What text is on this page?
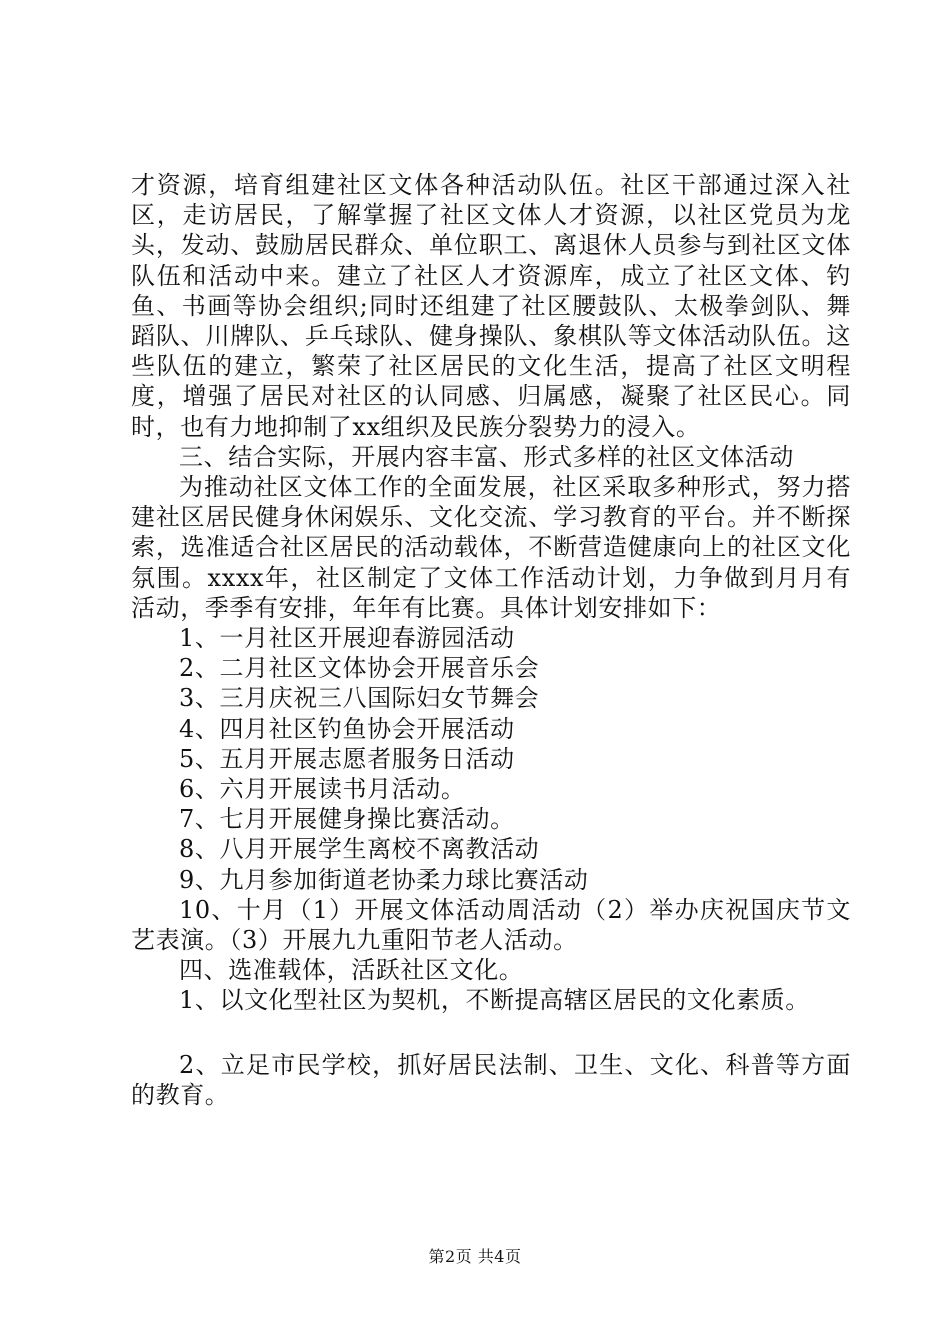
才资源，培育组建社区文体各种活动队伍。社区干部通过深入社区，走访居民，了解掌握了社区文体人才资源，以社区党员为龙头，发动、鼓励居民群众、单位职工、离退休人员参与到社区文体队伍和活动中来。建立了社区人才资源库，成立了社区文体、钓鱼、书画等协会组织;同时还组建了社区腰鼓队、太极拳剑队、舞蹈队、川牌队、乒乓球队、健身操队、象棋队等文体活动队伍。这些队伍的建立，繁荣了社区居民的文化生活，提高了社区文明程度，增强了居民对社区的认同感、归属感，凝聚了社区民心。同时，也有力地抑制了xx组织及民族分裂势力的浸入。

三、结合实际，开展内容丰富、形式多样的社区文体活动

为推动社区文体工作的全面发展，社区采取多种形式，努力搭建社区居民健身休闲娱乐、文化交流、学习教育的平台。并不断探索，选准适合社区居民的活动载体，不断营造健康向上的社区文化氛围。xxxx年，社区制定了文体工作活动计划，力争做到月月有活动，季季有安排，年年有比赛。具体计划安排如下：

1、一月社区开展迎春游园活动

2、二月社区文体协会开展音乐会

3、三月庆祝三八国际妇女节舞会

4、四月社区钓鱼协会开展活动

5、五月开展志愿者服务日活动

6、六月开展读书月活动。

7、七月开展健身操比赛活动。

8、八月开展学生离校不离教活动

9、九月参加街道老协柔力球比赛活动

10、十月（1）开展文体活动周活动（2）举办庆祝国庆节文艺表演。（3）开展九九重阳节老人活动。

四、选准载体，活跃社区文化。

1、以文化型社区为契机，不断提高辖区居民的文化素质。

2、立足市民学校，抓好居民法制、卫生、文化、科普等方面的教育。

第2页 共4页
